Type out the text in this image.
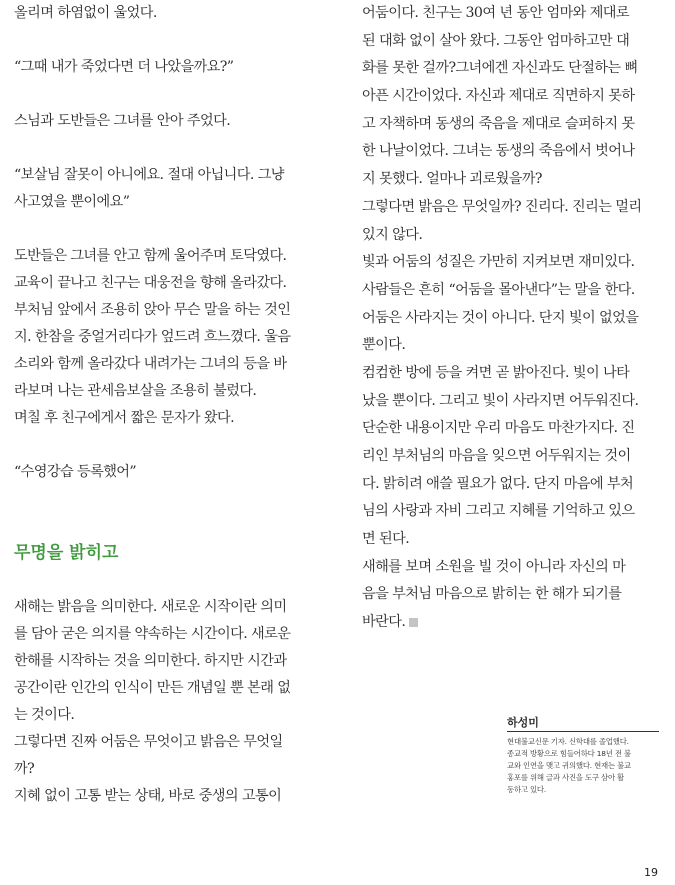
올리며 하염없이 울었다.

“그때 내가 죽었다면 더 나았을까요?”

스님과 도반들은 그녀를 안아 주었다.

“보살님 잘못이 아니에요. 절대 아닙니다. 그냥
사고였을 뿐이에요”

도반들은 그녀를 안고 함께 울어주며 토닥였다.
교육이 끝나고 친구는 대웅전을 향해 올라갔다.
부처님 앞에서 조용히 앉아 무슨 말을 하는 것인
지. 한참을 중얼거리다가 엎드려 흐느꼈다. 울음
소리와 함께 올라갔다 내려가는 그녀의 등을 바
라보며 나는 관세음보살을 조용히 불렀다.

며칠 후 친구에게서 짧은 문자가 왔다.

“수영강습 등록했어”

무명을 밝히고

새해는 밝음을 의미한다. 새로운 시작이란 의미
를 담아 굳은 의지를 약속하는 시간이다. 새로운
한해를 시작하는 것을 의미한다. 하지만 시간과
공간이란 인간의 인식이 만든 개념일 뿐 본래 없
는 것이다.

그렇다면 진짜 어둠은 무엇이고 밝음은 무엇일
까?

지혜 없이 고통 받는 상태, 바로 중생의 고통이

어둠이다. 친구는 30여 년 동안 엄마와 제대로
된 대화 없이 살아 왔다. 그동안 엄마하고만 대
화를 못한 걸까?그녀에겐 자신과도 단절하는 뼈
아픈 시간이었다. 자신과 제대로 직면하지 못하
고 자책하며 동생의 죽음을 제대로 슬퍼하지 못
한 나날이었다. 그녀는 동생의 죽음에서 벗어나
지 못했다. 얼마나 괴로웠을까?

그렇다면 밝음은 무엇일까? 진리다. 진리는 멀리
있지 않다.

빛과 어둠의 성질은 가만히 지켜보면 재미있다.
사람들은 흔히 “어둠을 몰아낸다”는 말을 한다.
어둠은 사라지는 것이 아니다. 단지 빛이 없었을
뿐이다.

컴컴한 방에 등을 켜면 곧 밝아진다. 빛이 나타
났을 뿐이다. 그리고 빛이 사라지면 어두워진다.
단순한 내용이지만 우리 마음도 마찬가지다. 진
리인 부처님의 마음을 잊으면 어두워지는 것이
다. 밝히려 애쓸 필요가 없다. 단지 마음에 부처
님의 사랑과 자비 그리고 지혜를 기억하고 있으
면 된다.

새해를 보며 소원을 빌 것이 아니라 자신의 마
음을 부처님 마음으로 밝히는 한 해가 되기를
바란다.

하성미
현대불교신문 기자. 신학대를 졸업했다.
종교적 방황으로 힘들어하다 18년 전 불
교와 인연을 맺고 귀의했다. 현재는 불교
홍포를 위해 글과 사진을 도구 삼아 활
동하고 있다.
19
